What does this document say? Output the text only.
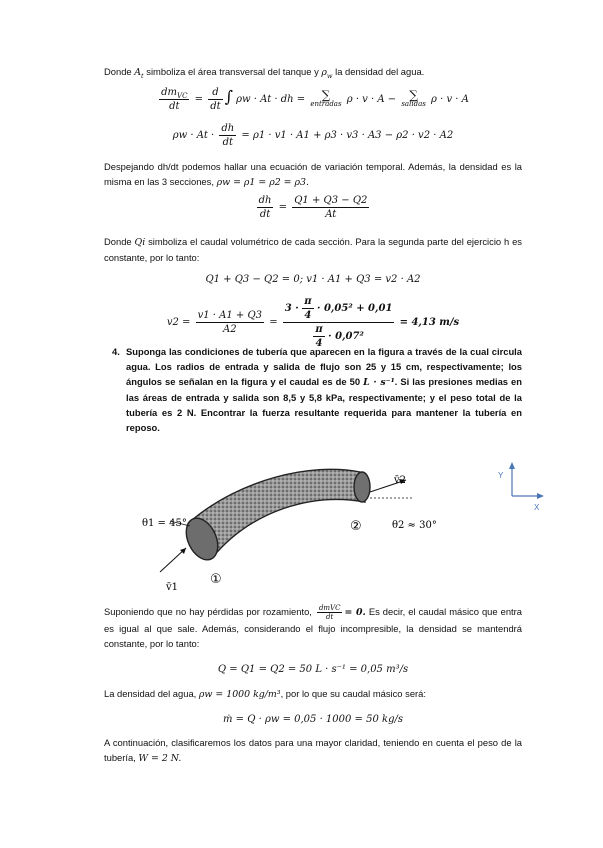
Donde $A_t$ simboliza el área transversal del tanque y $\rho_w$ la densidad del agua.
$\frac{dm_{VC}}{dt} = \frac{d}{dt}$ ∫ ρw · At · dh =	∑
entradas ρ · v · A −	∑
salidas ρ · v · A
$\rho w \cdot At \cdot \frac{dh}{dt} = \rho 1 \cdot v1 \cdot A1 + \rho 3 \cdot v3 \cdot A3 - \rho 2 \cdot v2 \cdot A2$
Despejando dh/dt podemos hallar una ecuación de variación temporal. Además, la densidad es la misma en las 3 secciones, ρw = ρ1 = ρ2 = ρ3.
$\frac{dh}{dt} = \frac{Q1 + Q3 - Q2}{At}$
Donde Qi simboliza el caudal volumétrico de cada sección. Para la segunda parte del ejercicio h es constante, por lo tanto:
Q1 + Q3 − Q2 = 0; v1 · A1 + Q3 = v2 · A2
$v2 = \frac{v1 \cdot A1 + Q3}{A2} = \frac{3 \cdot \frac{\pi}{4} \cdot 0,05^2 + 0,01}{\frac{\pi}{4} \cdot 0,07^2} = 4,13$ m/s
4. Suponga las condiciones de tubería que aparecen en la figura a través de la cual circula agua. Los radios de entrada y salida de flujo son 25 y 15 cm, respectivamente; los ángulos se señalan en la figura y el caudal es de 50 L · s⁻¹. Si las presiones medias en las áreas de entrada y salida son 8,5 y 5,8 kPa, respectivamente; y el peso total de la tubería es 2 N. Encontrar la fuerza resultante requerida para mantener la tubería en reposo.
θ1 = 45°	θ2 ≈ 30°
①
②
v̄1
v̄2	Y
X
Suponiendo que no hay pérdidas por rozamiento, $\frac{\text{dmVC}}{dt} = 0$. Es decir, el caudal másico que entra es igual al que sale. Además, considerando el flujo incompresible, la densidad se mantendrá constante, por lo tanto:
Q = Q1 = Q2 = 50 L · s⁻¹ = 0,05 m³/s
La densidad del agua, ρw = 1000 kg/m³, por lo que su caudal másico será:
ṁ = Q · ρw = 0,05 · 1000 = 50 kg/s
A continuación, clasificaremos los datos para una mayor claridad, teniendo en cuenta el peso de la tubería, W = 2 N.
